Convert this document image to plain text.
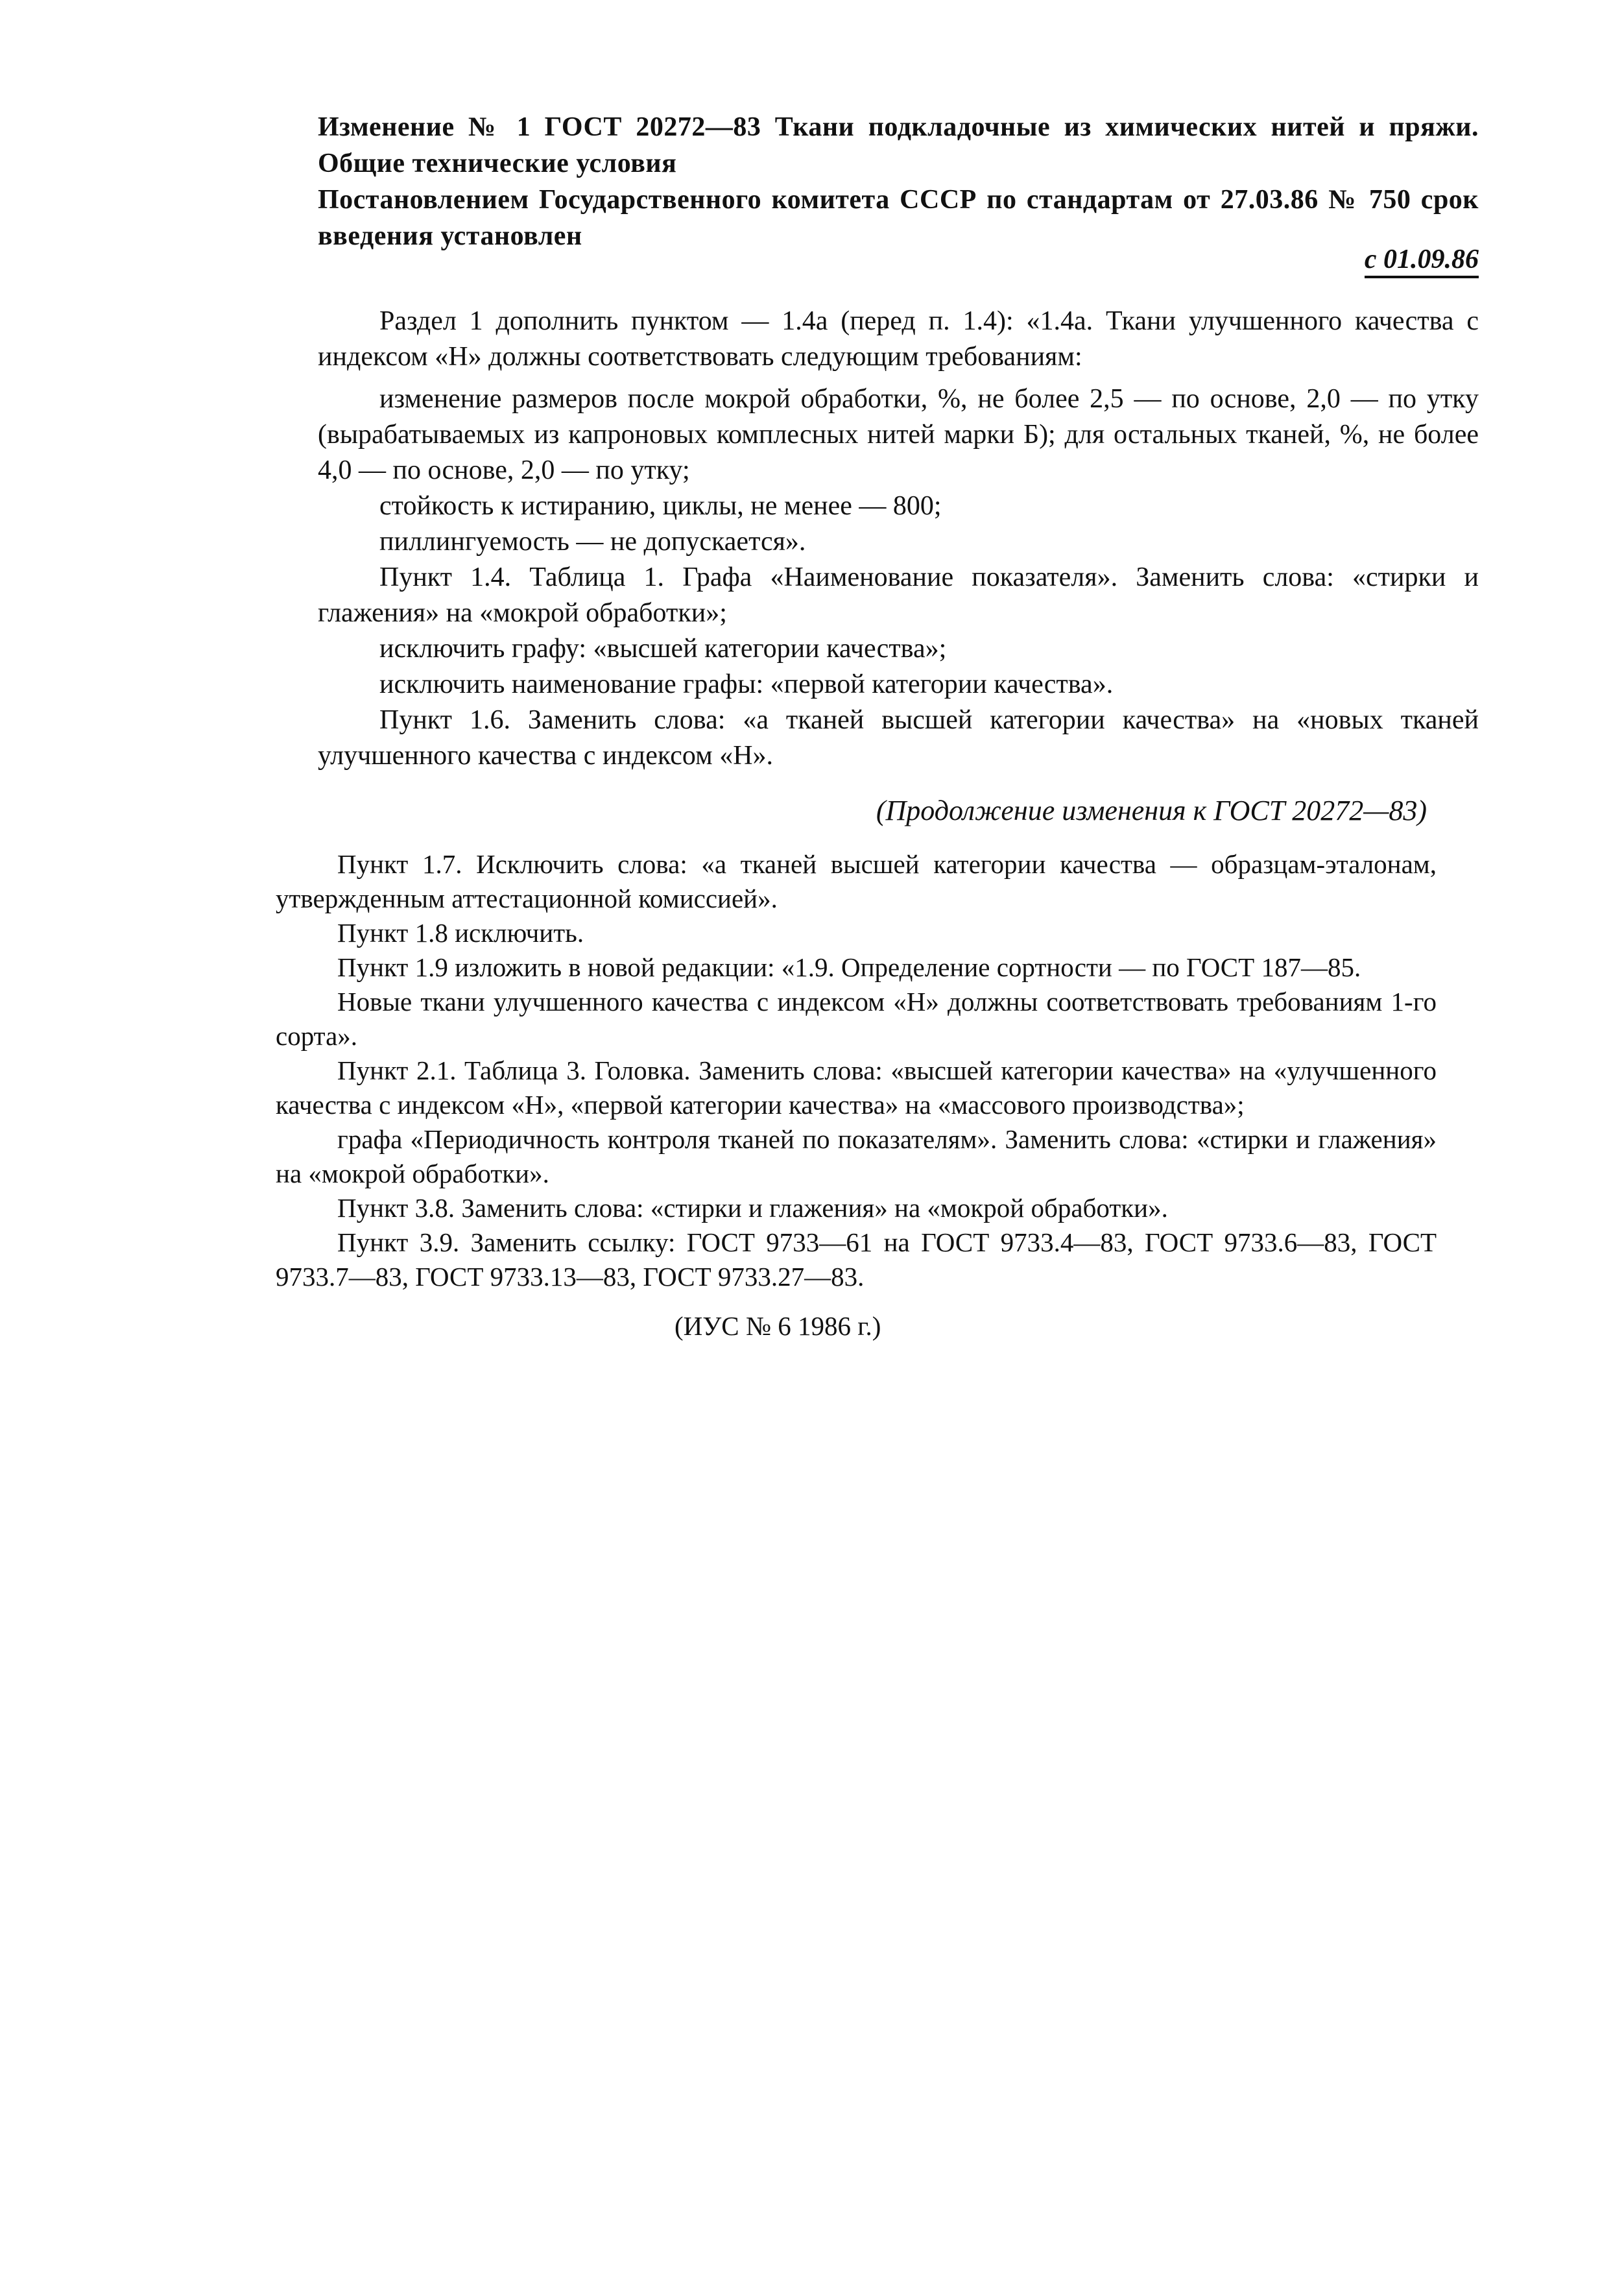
Изменение № 1 ГОСТ 20272—83 Ткани подкладочные из химических нитей и пряжи. Общие технические условия
Постановлением Государственного комитета СССР по стандартам от 27.03.86 № 750 срок введения установлен
с 01.09.86

Раздел 1 дополнить пунктом — 1.4а (перед п. 1.4): «1.4а. Ткани улучшенного качества с индексом «Н» должны соответствовать следующим требованиям:

изменение размеров после мокрой обработки, %, не более 2,5 — по основе, 2,0 — по утку (вырабатываемых из капроновых комплесных нитей марки Б); для остальных тканей, %, не более 4,0 — по основе, 2,0 — по утку;

стойкость к истиранию, циклы, не менее — 800;

пиллингуемость — не допускается».

Пункт 1.4. Таблица 1. Графа «Наименование показателя». Заменить слова: «стирки и глажения» на «мокрой обработки»;

исключить графу: «высшей категории качества»;

исключить наименование графы: «первой категории качества».

Пункт 1.6. Заменить слова: «а тканей высшей категории качества» на «новых тканей улучшенного качества с индексом «Н».

(Продолжение изменения к ГОСТ 20272—83)

Пункт 1.7. Исключить слова: «а тканей высшей категории качества — образцам-эталонам, утвержденным аттестационной комиссией».

Пункт 1.8 исключить.

Пункт 1.9 изложить в новой редакции: «1.9. Определение сортности — по ГОСТ 187—85.

Новые ткани улучшенного качества с индексом «Н» должны соответствовать требованиям 1-го сорта».

Пункт 2.1. Таблица 3. Головка. Заменить слова: «высшей категории качества» на «улучшенного качества с индексом «Н», «первой категории качества» на «массового производства»;

графа «Периодичность контроля тканей по показателям». Заменить слова: «стирки и глажения» на «мокрой обработки».

Пункт 3.8. Заменить слова: «стирки и глажения» на «мокрой обработки».

Пункт 3.9. Заменить ссылку: ГОСТ 9733—61 на ГОСТ 9733.4—83, ГОСТ 9733.6—83, ГОСТ 9733.7—83, ГОСТ 9733.13—83, ГОСТ 9733.27—83.

(ИУС № 6 1986 г.)
